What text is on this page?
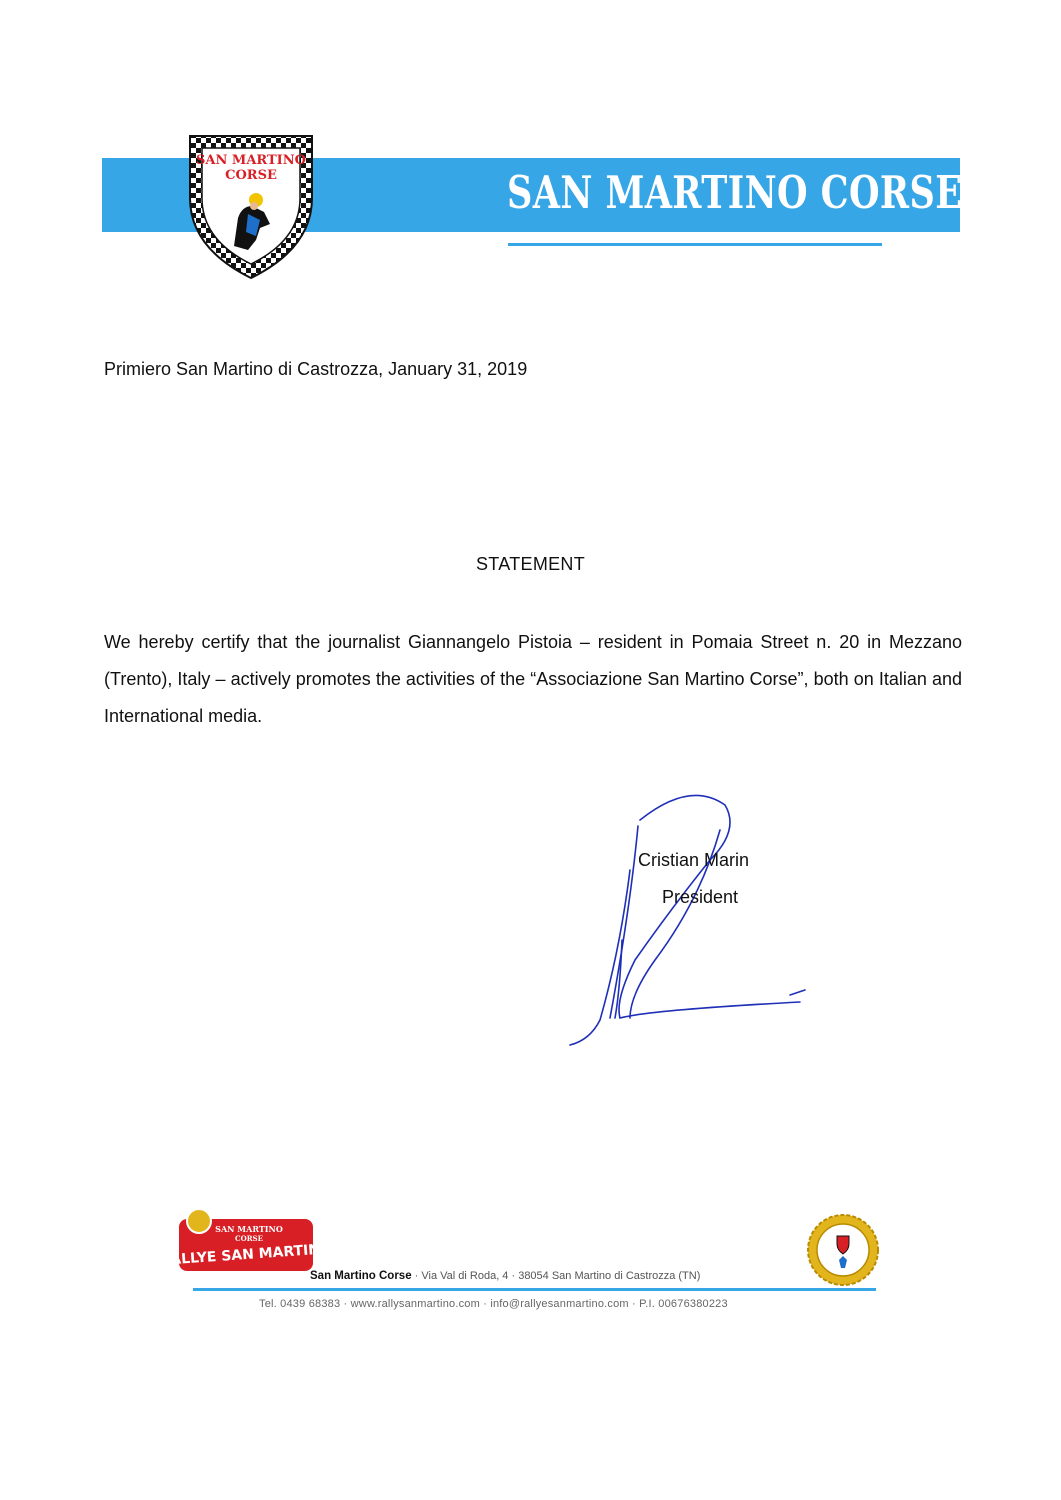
SAN MARTINO CORSE
SAN MARTINO
CORSE
Primiero San Martino di Castrozza, January 31, 2019
STATEMENT
We hereby certify that the journalist Giannangelo Pistoia – resident in Pomaia Street n. 20 in Mezzano (Trento), Italy – actively promotes the activities of the “Associazione San Martino Corse”, both on Italian and International media.
Cristian Marin
President
SAN MARTINO
CORSE
RALLYE SAN MARTINO
San Martino Corse · Via Val di Roda, 4 · 38054 San Martino di Castrozza (TN)
Tel. 0439 68383 · www.rallysanmartino.com · info@rallyesanmartino.com · P.I. 00676380223
